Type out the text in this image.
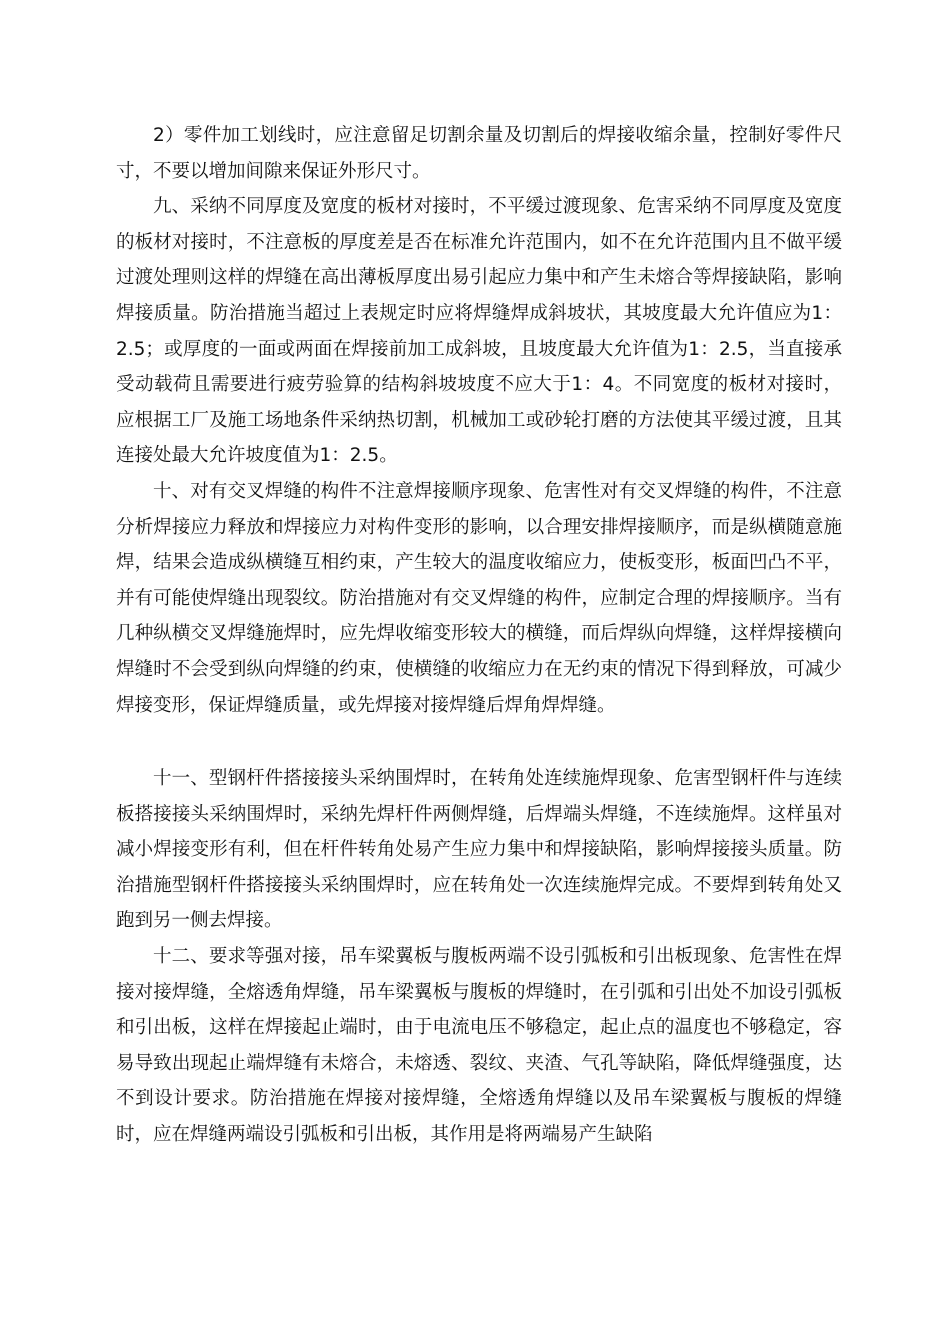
2）零件加工划线时，应注意留足切割余量及切割后的焊接收缩余量，控制好零件尺寸，不要以增加间隙来保证外形尺寸。

九、采纳不同厚度及宽度的板材对接时，不平缓过渡现象、危害采纳不同厚度及宽度的板材对接时，不注意板的厚度差是否在标准允许范围内，如不在允许范围内且不做平缓过渡处理则这样的焊缝在高出薄板厚度出易引起应力集中和产生未熔合等焊接缺陷，影响焊接质量。防治措施当超过上表规定时应将焊缝焊成斜坡状，其坡度最大允许值应为1：2.5；或厚度的一面或两面在焊接前加工成斜坡，且坡度最大允许值为1：2.5，当直接承受动载荷且需要进行疲劳验算的结构斜坡坡度不应大于1：4。不同宽度的板材对接时，应根据工厂及施工场地条件采纳热切割，机械加工或砂轮打磨的方法使其平缓过渡，且其连接处最大允许坡度值为1：2.5。

十、对有交叉焊缝的构件不注意焊接顺序现象、危害性对有交叉焊缝的构件，不注意分析焊接应力释放和焊接应力对构件变形的影响，以合理安排焊接顺序，而是纵横随意施焊，结果会造成纵横缝互相约束，产生较大的温度收缩应力，使板变形，板面凹凸不平，并有可能使焊缝出现裂纹。防治措施对有交叉焊缝的构件，应制定合理的焊接顺序。当有几种纵横交叉焊缝施焊时，应先焊收缩变形较大的横缝，而后焊纵向焊缝，这样焊接横向焊缝时不会受到纵向焊缝的约束，使横缝的收缩应力在无约束的情况下得到释放，可减少焊接变形，保证焊缝质量，或先焊接对接焊缝后焊角焊焊缝。

十一、型钢杆件搭接接头采纳围焊时，在转角处连续施焊现象、危害型钢杆件与连续板搭接接头采纳围焊时，采纳先焊杆件两侧焊缝，后焊端头焊缝，不连续施焊。这样虽对减小焊接变形有利，但在杆件转角处易产生应力集中和焊接缺陷，影响焊接接头质量。防治措施型钢杆件搭接接头采纳围焊时，应在转角处一次连续施焊完成。不要焊到转角处又跑到另一侧去焊接。

十二、要求等强对接，吊车梁翼板与腹板两端不设引弧板和引出板现象、危害性在焊接对接焊缝，全熔透角焊缝，吊车梁翼板与腹板的焊缝时，在引弧和引出处不加设引弧板和引出板，这样在焊接起止端时，由于电流电压不够稳定，起止点的温度也不够稳定，容易导致出现起止端焊缝有未熔合，未熔透、裂纹、夹渣、气孔等缺陷，降低焊缝强度，达不到设计要求。防治措施在焊接对接焊缝，全熔透角焊缝以及吊车梁翼板与腹板的焊缝时，应在焊缝两端设引弧板和引出板，其作用是将两端易产生缺陷
